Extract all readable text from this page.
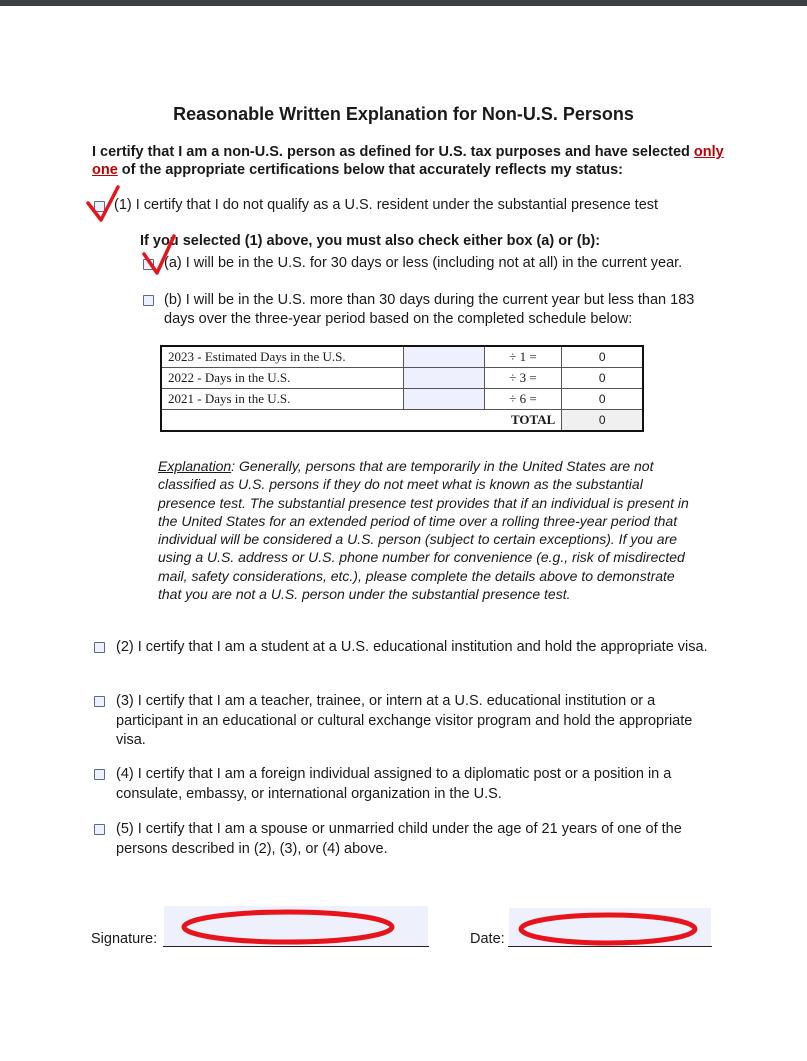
Reasonable Written Explanation for Non-U.S. Persons
I certify that I am a non-U.S. person as defined for U.S. tax purposes and have selected only one of the appropriate certifications below that accurately reflects my status:
(1) I certify that I do not qualify as a U.S. resident under the substantial presence test
If you selected (1) above, you must also check either box (a) or (b):
(a) I will be in the U.S. for 30 days or less (including not at all) in the current year.
(b) I will be in the U.S. more than 30 days during the current year but less than 183
days over the three-year period based on the completed schedule below:
2023 - Estimated Days in the U.S.		÷ 1 =	0
2022 - Days in the U.S.		÷ 3 =	0
2021 - Days in the U.S.		÷ 6 =	0
TOTAL			0
Explanation: Generally, persons that are temporarily in the United States are not classified as U.S. persons if they do not meet what is known as the substantial presence test. The substantial presence test provides that if an individual is present in the United States for an extended period of time over a rolling three-year period that individual will be considered a U.S. person (subject to certain exceptions). If you are using a U.S. address or U.S. phone number for convenience (e.g., risk of misdirected mail, safety considerations, etc.), please complete the details above to demonstrate that you are not a U.S. person under the substantial presence test.
(2) I certify that I am a student at a U.S. educational institution and hold the appropriate visa.
(3) I certify that I am a teacher, trainee, or intern at a U.S. educational institution or a participant in an educational or cultural exchange visitor program and hold the appropriate visa.
(4) I certify that I am a foreign individual assigned to a diplomatic post or a position in a consulate, embassy, or international organization in the U.S.
(5) I certify that I am a spouse or unmarried child under the age of 21 years of one of the persons described in (2), (3), or (4) above.
Signature:	Date:
